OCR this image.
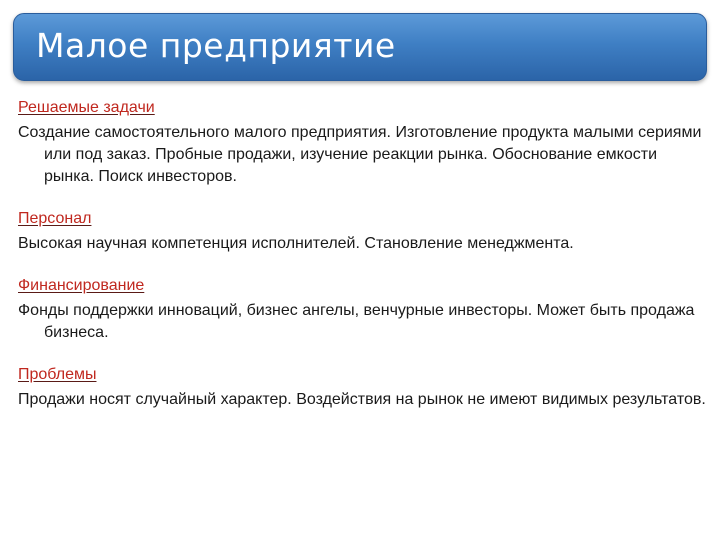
Малое предприятие
Решаемые задачи
Создание самостоятельного малого предприятия. Изготовление продукта малыми сериями или под заказ. Пробные продажи, изучение реакции рынка. Обоснование емкости рынка. Поиск инвесторов.
Персонал
Высокая научная компетенция исполнителей. Становление менеджмента.
Финансирование
Фонды поддержки инноваций, бизнес ангелы, венчурные инвесторы. Может быть продажа бизнеса.
Проблемы
Продажи носят случайный характер. Воздействия на рынок не имеют видимых результатов.
